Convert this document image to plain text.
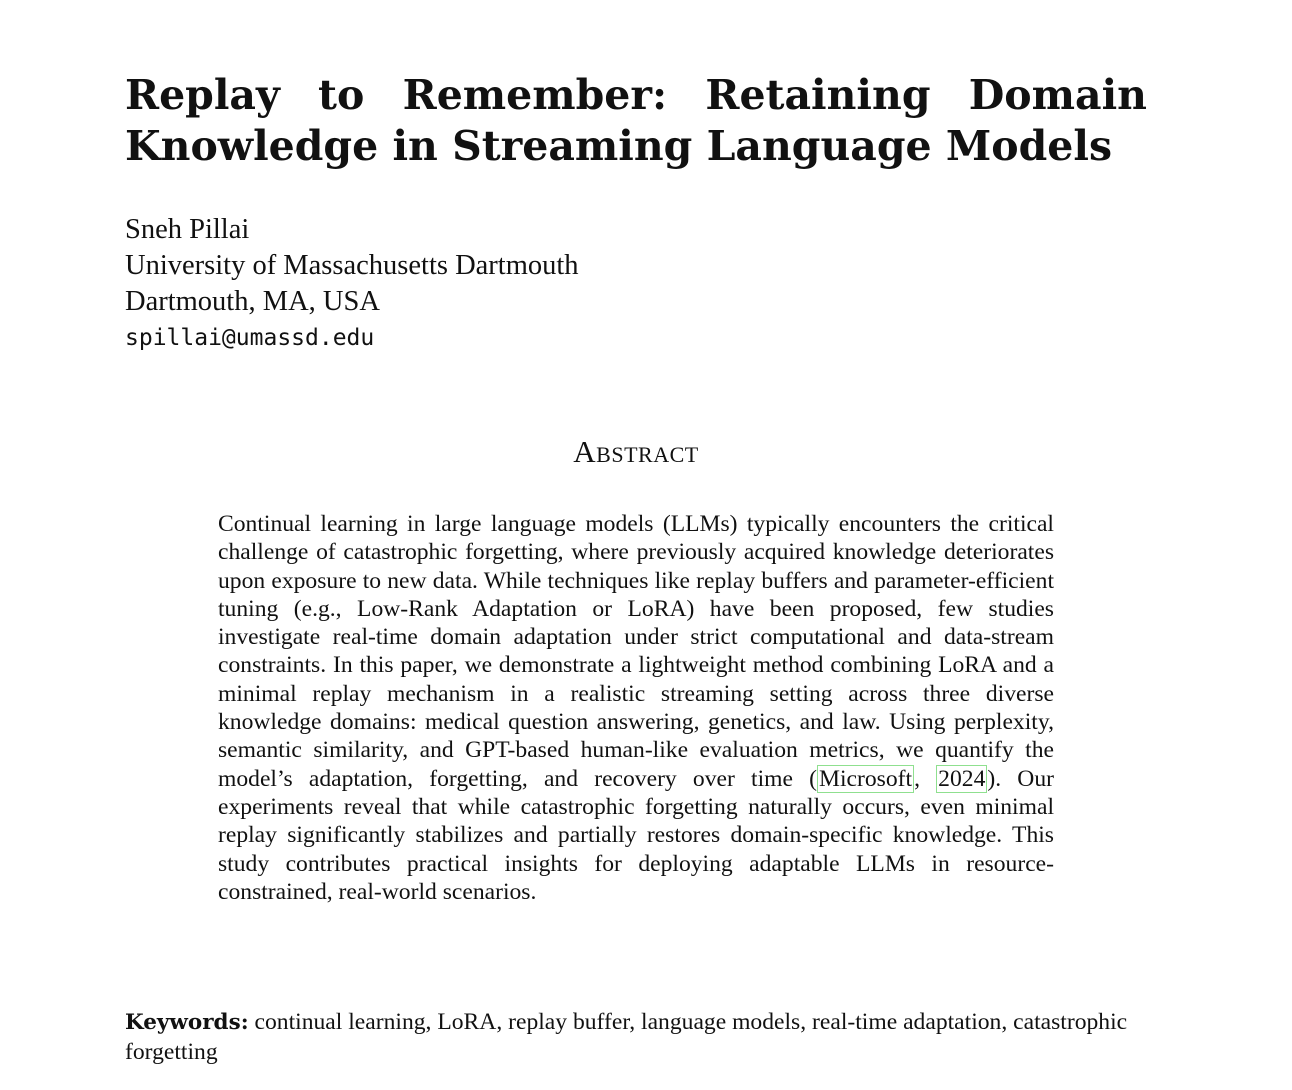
Replay to Remember: Retaining Domain Knowledge in Streaming Language Models
Sneh Pillai
University of Massachusetts Dartmouth
Dartmouth, MA, USA
spillai@umassd.edu
Abstract

Continual learning in large language models (LLMs) typically encounters the critical challenge of catastrophic forgetting, where previously acquired knowledge deteriorates upon exposure to new data. While techniques like replay buffers and parameter-efficient tuning (e.g., Low-Rank Adaptation or LoRA) have been proposed, few studies investigate real-time domain adaptation under strict computational and data-stream constraints. In this paper, we demonstrate a lightweight method combining LoRA and a minimal replay mechanism in a realistic streaming setting across three diverse knowledge domains: medical question answering, genetics, and law. Using perplexity, semantic similarity, and GPT-based human-like evaluation metrics, we quantify the model’s adaptation, forgetting, and recovery over time (Microsoft, 2024). Our experiments reveal that while catastrophic forgetting naturally occurs, even minimal replay significantly stabilizes and partially restores domain-specific knowledge. This study contributes practical insights for deploying adaptable LLMs in resource-constrained, real-world scenarios.

Keywords: continual learning, LoRA, replay buffer, language models, real-time adaptation, catastrophic forgetting
